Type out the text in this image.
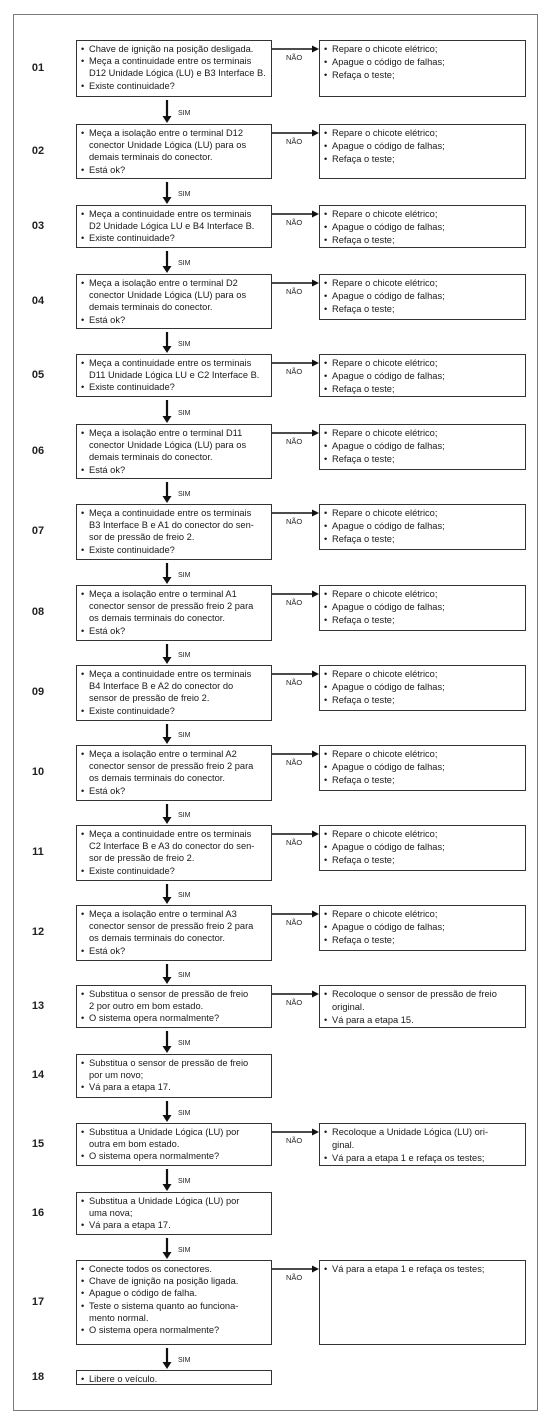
01
• Chave de ignição na posição desligada.
• Meça a continuidade entre os terminais
D12 Unidade Lógica (LU) e B3 Interface B.
• Existe continuidade?
• Repare o chicote elétrico;
• Apague o código de falhas;
• Refaça o teste;
NÃO
SIM
02
• Meça a isolação entre o terminal D12
conector Unidade Lógica (LU) para os
demais terminais do conector.
• Está ok?
• Repare o chicote elétrico;
• Apague o código de falhas;
• Refaça o teste;
NÃO
SIM
03
• Meça a continuidade entre os terminais
D2 Unidade Lógica LU e B4 Interface B.
• Existe continuidade?
• Repare o chicote elétrico;
• Apague o código de falhas;
• Refaça o teste;
NÃO
SIM
04
• Meça a isolação entre o terminal D2
conector Unidade Lógica (LU) para os
demais terminais do conector.
• Está ok?
• Repare o chicote elétrico;
• Apague o código de falhas;
• Refaça o teste;
NÃO
SIM
05
• Meça a continuidade entre os terminais
D11 Unidade Lógica LU e C2 Interface B.
• Existe continuidade?
• Repare o chicote elétrico;
• Apague o código de falhas;
• Refaça o teste;
NÃO
SIM
06
• Meça a isolação entre o terminal D11
conector Unidade Lógica (LU) para os
demais terminais do conector.
• Está ok?
• Repare o chicote elétrico;
• Apague o código de falhas;
• Refaça o teste;
NÃO
SIM
07
• Meça a continuidade entre os terminais
B3 Interface B e A1 do conector do sen-
sor de pressão de freio 2.
• Existe continuidade?
• Repare o chicote elétrico;
• Apague o código de falhas;
• Refaça o teste;
NÃO
SIM
08
• Meça a isolação entre o terminal A1
conector sensor de pressão freio 2 para
os demais terminais do conector.
• Está ok?
• Repare o chicote elétrico;
• Apague o código de falhas;
• Refaça o teste;
NÃO
SIM
09
• Meça a continuidade entre os terminais
B4 Interface B e A2 do conector do
sensor de pressão de freio 2.
• Existe continuidade?
• Repare o chicote elétrico;
• Apague o código de falhas;
• Refaça o teste;
NÃO
SIM
10
• Meça a isolação entre o terminal A2
conector sensor de pressão freio 2 para
os demais terminais do conector.
• Está ok?
• Repare o chicote elétrico;
• Apague o código de falhas;
• Refaça o teste;
NÃO
SIM
11
• Meça a continuidade entre os terminais
C2 Interface B e A3 do conector do sen-
sor de pressão de freio 2.
• Existe continuidade?
• Repare o chicote elétrico;
• Apague o código de falhas;
• Refaça o teste;
NÃO
SIM
12
• Meça a isolação entre o terminal A3
conector sensor de pressão freio 2 para
os demais terminais do conector.
• Está ok?
• Repare o chicote elétrico;
• Apague o código de falhas;
• Refaça o teste;
NÃO
SIM
13
• Substitua o sensor de pressão de freio
2 por outro em bom estado.
• O sistema opera normalmente?
• Recoloque o sensor de pressão de freio
original.
• Vá para a etapa 15.
NÃO
SIM
14
• Substitua o sensor de pressão de freio
por um novo;
• Vá para a etapa 17.
SIM
15
• Substitua a Unidade Lógica (LU) por
outra em bom estado.
• O sistema opera normalmente?
• Recoloque a Unidade Lógica (LU) ori-
ginal.
• Vá para a etapa 1 e refaça os testes;
NÃO
SIM
16
• Substitua a Unidade Lógica (LU) por
uma nova;
• Vá para a etapa 17.
SIM
17
• Conecte todos os conectores.
• Chave de ignição na posição ligada.
• Apague o código de falha.
• Teste o sistema quanto ao funciona-
mento normal.
• O sistema opera normalmente?
• Vá para a etapa 1 e refaça os testes;
NÃO
SIM
18	• Libere o veículo.
